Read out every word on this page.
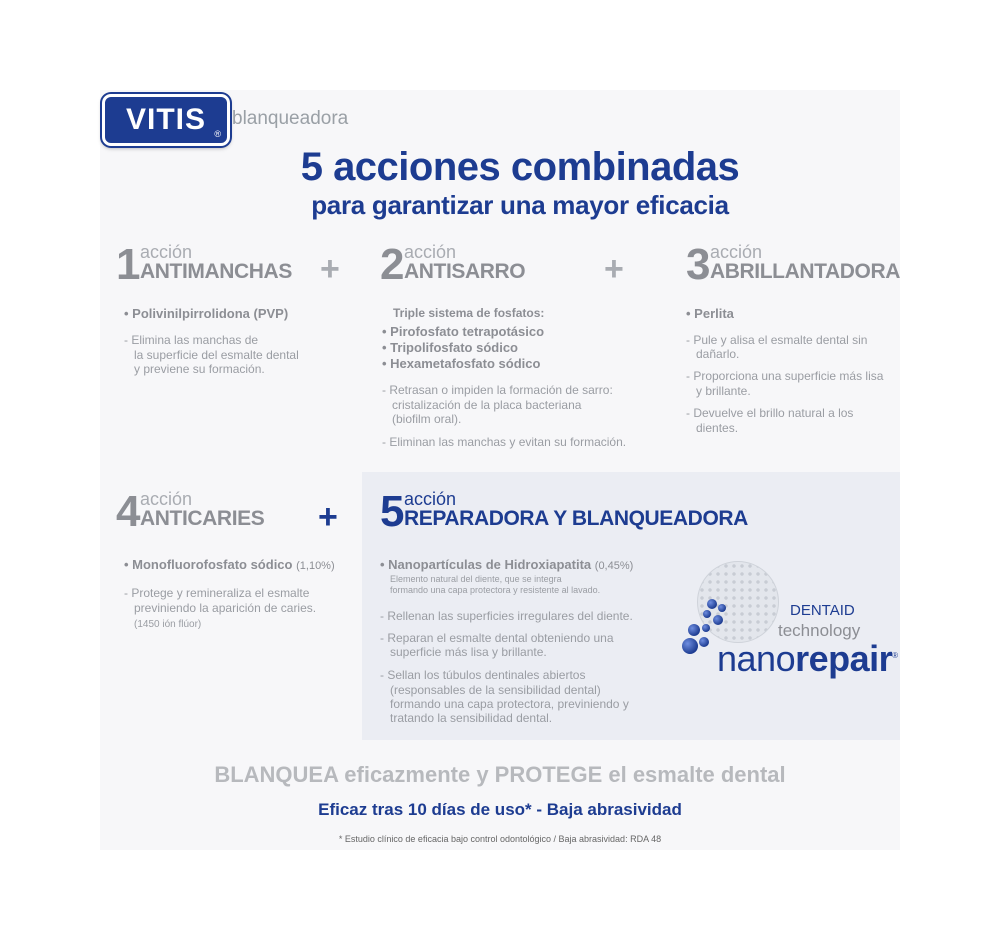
VITIS ®
blanqueadora
5 acciones combinadas
para garantizar una mayor eficacia
1 acción
ANTIMANCHAS +
• Polivinilpirrolidona (PVP)
- Elimina las manchas de
la superficie del esmalte dental
y previene su formación.
2 acción
ANTISARRO +
Triple sistema de fosfatos:
• Pirofosfato tetrapotásico
• Tripolifosfato sódico
• Hexametafosfato sódico
- Retrasan o impiden la formación de sarro:
cristalización de la placa bacteriana
(biofilm oral).
- Eliminan las manchas y evitan su formación.
3 acción
ABRILLANTADORA
• Perlita
- Pule y alisa el esmalte dental sin
dañarlo.
- Proporciona una superficie más lisa
y brillante.
- Devuelve el brillo natural a los
dientes.
4 acción
ANTICARIES +
• Monofluorofosfato sódico (1,10%)
- Protege y remineraliza el esmalte
previniendo la aparición de caries.
(1450 ión flúor)
5 acción
REPARADORA Y BLANQUEADORA
• Nanopartículas de Hidroxiapatita (0,45%)
Elemento natural del diente, que se integra
formando una capa protectora y resistente al lavado.
- Rellenan las superficies irregulares del diente.
- Reparan el esmalte dental obteniendo una
superficie más lisa y brillante.
- Sellan los túbulos dentinales abiertos
(responsables de la sensibilidad dental)
formando una capa protectora, previniendo y
tratando la sensibilidad dental.
DENTAID
technology
nanorepair®
BLANQUEA eficazmente y PROTEGE el esmalte dental
Eficaz tras 10 días de uso* - Baja abrasividad
* Estudio clínico de eficacia bajo control odontológico / Baja abrasividad: RDA 48
